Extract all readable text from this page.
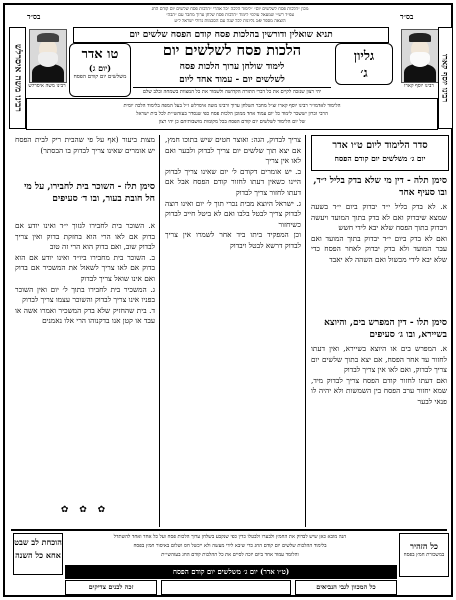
מכון ״הלכות פסח לשלשים יום״ ״לימוד הלכה ״כל אהרי ״הלכות פסח שלשים יום קודם החג
עפ״ד רש״י שמעאל עולמי לימוד ״הלכות פסח שלחן ערוך מחבר עם ״הבה״
הוצאה מספר 50 גליונות לכל שנה עם הסכמות גדולי ישראל ל״ע
בס״ד
בס״ד
רבינו יוסף קארו רבינו יוסף קארו
רבינו משה איסרלש
רבינו משה איסרלש
תניא שואלין ודורשין בהלכות פסח קודם הפסח שלשים יום
גליון
ג׳
טו אדר
(יום ג)
משלשים יום קודם הפסח
הלכות פסח לשלשים יום
לימוד שולחן ערוך הלכות פסח
לשלשים יום - עמוד אחד ליום
יהי רצון שנזכה לקיים את כל דברי התורה הקדושה ולשמור את כל המצוות בשמחה ובלב שלם
הלימוד לאדמו״ר רבינו יוסף קארו זצ״ל מחבר השלחן ערוך ורבינו משה איסרלש ז״ל בעל המפה בלימוד הלכה יומית
הרבי זכרון יששכר לימוד כל יום עמוד אחד ממוכן הלכות פסח כפי שנסדר בעזהשי״ת לכל בית ישראל
של יום הלימוד לשלשים יום קודם הפסח בכל מקומות מושבותיהם כן יהי רצון
סדר הלימוד ליום ט״ו אדר
יום ג׳ משלשים יום קודם הפסח
סימן תלה - דין מי שלא בדק בליל י״ד, ובו סעיף אחד

א. לא בדק בליל י״ד יבדוק ביום י״ד בשעה שמצא שיבדוק ואם לא בדק בתוך המועד ויעשה ויבדוק בתוך הפסח שלא יבא לידי חשש

ואם לא בדק ביום י״ד יבדוק בתוך המועד ואם עבר המועד ולא בדק יבדוק לאחר הפסח כדי שלא יבא לידי מכשול ואם השהה לא יאבד

סימן תלו - דין המפרש בים, והיוצא בשיירא, ובו ג׳ סעיפים

א. המפרש בים או היוצא בשיירא, ואין דעתו לחזור עד אחר הפסח, אם יצא בתוך שלשים יום צריך לבדוק, ואם לאו אין צריך לבדוק

ואם דעתו לחזור קודם הפסח צריך לבדוק מיד, שמא יחזור ערב הפסח בין השמשות ולא יהיה לו פנאי לבער

צריך לבדוק, הגה: ואוצר חטים שיש בתוכו חמץ, אם יצא תוך שלשים יום צריך לבדוק ולבער ואם לאו אין צריך

ב. יש אומרים דקודם ל׳ יום שאינו צריך לבדוק היינו כשאין דעתו לחזור קודם הפסח אבל אם דעתו לחזור צריך לבדוק

ג. ישראל היוצא מבית נכרי תוך ל׳ יום ואינו רוצה לבדוק צריך לבטל בלבו ואם לא ביטל חייב לבדוק כשיחזור

וכן המפקיד ביתו ביד אחר לשמרו אין צריך לבדוק דרשא לבטל ויבדוק

מצות ביעור (אף על פי שהבית ריק לבית הפסח יש אומרים שאינו צריך לבדוק בו הבסתר)

סימן תלז - השוכר בית לחבירו, על מי חל חובת בעור, ובו ד׳ סעיפים

א. השוכר בית לחבירו לגזוך י״ד ואינו יודע אם בדוק אם לאו הרי הוא בחזקת בדוק ואין צריך לבדוק שוב, ואם בדוק הוא הרי זה טוב

ב. השוכר בית מחבירו ביו״ד ואינו יודע אם הוא בדוק אם לאו צריך לשאול את המשכיר אם בדוק ואם אינו שואל צריך לבדוק

ג. המשכיר בית לחבירו בתוך ל׳ יום ואין השוכר בפניו אינו צריך לבדוק והשוכר עצמו צריך לבדוק

ד. בית שהחזיק שלא בדק המשכיר ואמרו אשה או עבד או קטן אנו בדקנוהו הרי אלו נאמנים

✿ ✿ ✿
הנה מובא כאן שיש לבדוק את החמץ ולבערו ולבטלו כדין כפי שנקבע בשלחן ערוך הלכות פסח ועל כל אחד ואחד להשתדל
בלימוד ההלכות שלשים יום קודם החג כדי שיבא לידי מעשה ולא ייכשל חס ושלום באיסור חמץ בפסח
והלומד עמוד אחד ביום יזכה לסיים את כל ההלכות קודם החג בעזהשי״ת
כל הזהיר
במשכורת חמץ בפסח
הוכחת לב שבט אחא כל השנה
(ט״ו אדר) יום ג׳ משלשים יום קודם הפסח
כל המכוון לגבי הנביאים
זכה לבנים צדיקים
